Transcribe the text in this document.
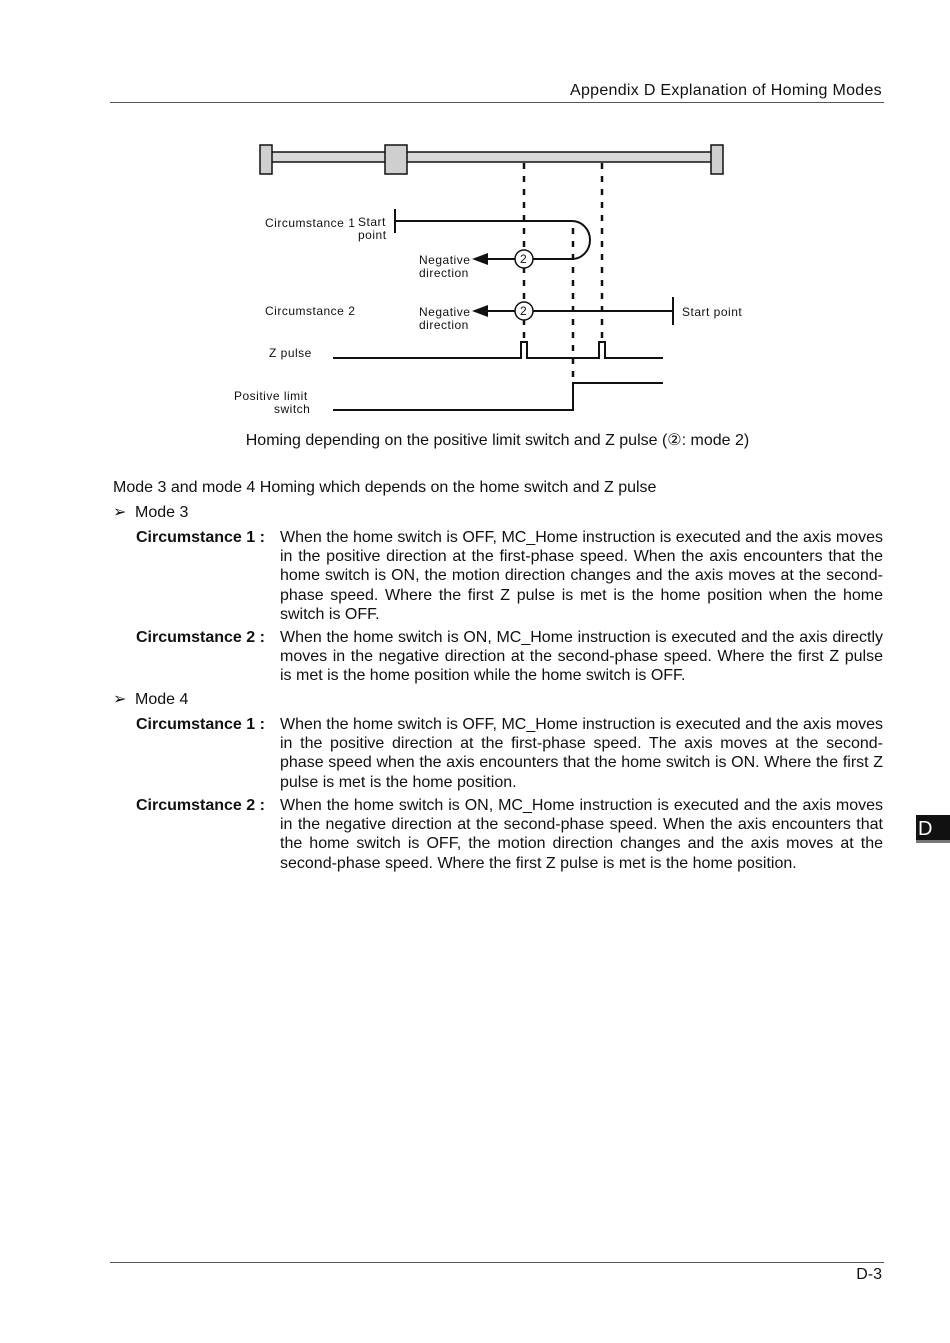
Appendix D Explanation of Homing Modes
Circumstance 1 Start
point
2
Negative
direction
Circumstance 2	2	Start point
Negative
direction
Z pulse
Positive limit
switch
Homing depending on the positive limit switch and Z pulse (②: mode 2)
Mode 3 and mode 4 Homing which depends on the home switch and Z pulse
➢ Mode 3
Circumstance 1 : When the home switch is OFF, MC_Home instruction is executed and the axis moves in the positive direction at the first-phase speed. When the axis encounters that the home switch is ON, the motion direction changes and the axis moves at the second-phase speed. Where the first Z pulse is met is the home position when the home switch is OFF.
Circumstance 2 : When the home switch is ON, MC_Home instruction is executed and the axis directly moves in the negative direction at the second-phase speed. Where the first Z pulse is met is the home position while the home switch is OFF.
➢ Mode 4
Circumstance 1 : When the home switch is OFF, MC_Home instruction is executed and the axis moves in the positive direction at the first-phase speed. The axis moves at the second-phase speed when the axis encounters that the home switch is ON. Where the first Z pulse is met is the home position.
Circumstance 2 : When the home switch is ON, MC_Home instruction is executed and the axis moves in the negative direction at the second-phase speed. When the axis encounters that the home switch is OFF, the motion direction changes and the axis moves at the second-phase speed. Where the first Z pulse is met is the home position.
D
D-3
